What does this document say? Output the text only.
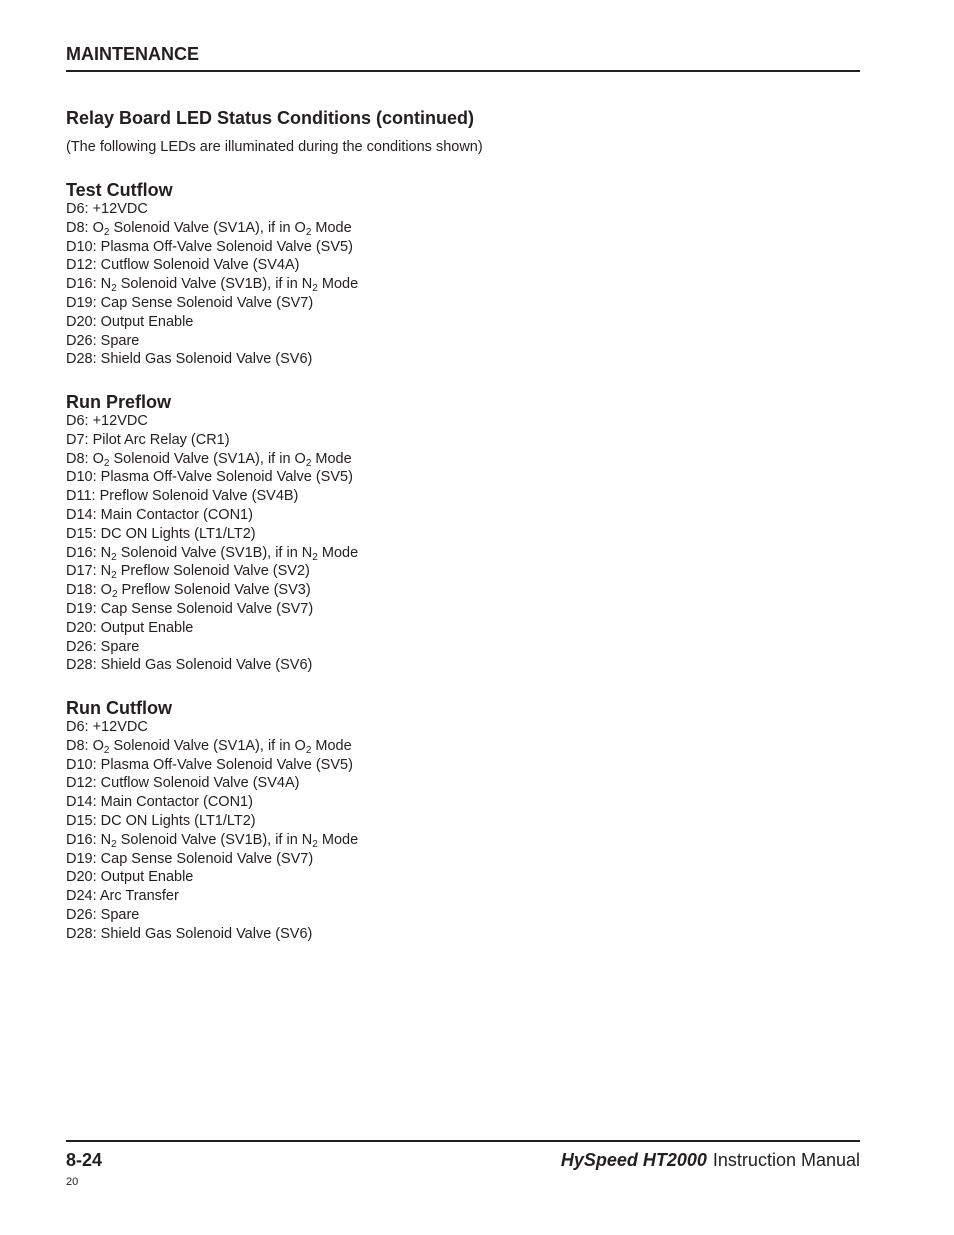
MAINTENANCE
Relay Board LED Status Conditions (continued)
(The following LEDs are illuminated during the conditions shown)
Test Cutflow
D6: +12VDC
D8: $O_2$ Solenoid Valve (SV1A), if in $O_2$ Mode
D10: Plasma Off-Valve Solenoid Valve (SV5)
D12: Cutflow Solenoid Valve (SV4A)
D16: $N_2$ Solenoid Valve (SV1B), if in $N_2$ Mode
D19: Cap Sense Solenoid Valve (SV7)
D20: Output Enable
D26: Spare
D28: Shield Gas Solenoid Valve (SV6)
Run Preflow
D6: +12VDC
D7: Pilot Arc Relay (CR1)
D8: $O_2$ Solenoid Valve (SV1A), if in $O_2$ Mode
D10: Plasma Off-Valve Solenoid Valve (SV5)
D11: Preflow Solenoid Valve (SV4B)
D14: Main Contactor (CON1)
D15: DC ON Lights (LT1/LT2)
D16: $N_2$ Solenoid Valve (SV1B), if in $N_2$ Mode
D17: $N_2$ Preflow Solenoid Valve (SV2)
D18: $O_2$ Preflow Solenoid Valve (SV3)
D19: Cap Sense Solenoid Valve (SV7)
D20: Output Enable
D26: Spare
D28: Shield Gas Solenoid Valve (SV6)
Run Cutflow
D6: +12VDC
D8: $O_2$ Solenoid Valve (SV1A), if in $O_2$ Mode
D10: Plasma Off-Valve Solenoid Valve (SV5)
D12: Cutflow Solenoid Valve (SV4A)
D14: Main Contactor (CON1)
D15: DC ON Lights (LT1/LT2)
D16: $N_2$ Solenoid Valve (SV1B), if in $N_2$ Mode
D19: Cap Sense Solenoid Valve (SV7)
D20: Output Enable
D24: Arc Transfer
D26: Spare
D28: Shield Gas Solenoid Valve (SV6)
8-24	HySpeed HT2000 Instruction Manual
20
